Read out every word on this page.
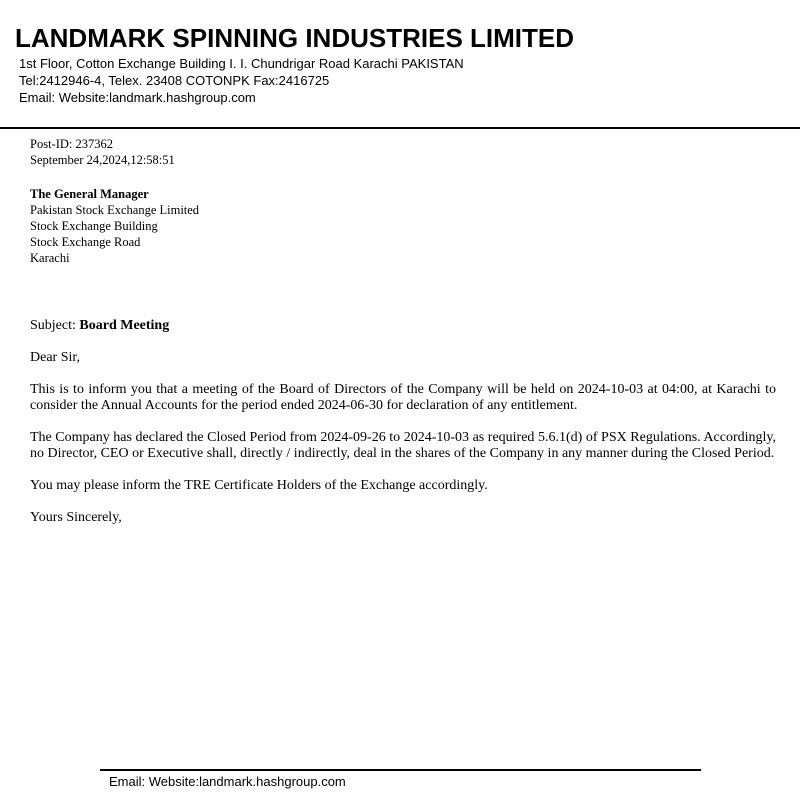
LANDMARK SPINNING INDUSTRIES LIMITED

1st Floor, Cotton Exchange Building I. I. Chundrigar Road Karachi PAKISTAN

Tel:2412946-4, Telex. 23408 COTONPK Fax:2416725

Email: Website:landmark.hashgroup.com

Post-ID: 237362
September 24,2024,12:58:51
The General Manager
Pakistan Stock Exchange Limited
Stock Exchange Building
Stock Exchange Road
Karachi
Subject: Board Meeting

Dear Sir,

This is to inform you that a meeting of the Board of Directors of the Company will be held on 2024-10-03 at 04:00, at Karachi to consider the Annual Accounts for the period ended 2024-06-30 for declaration of any entitlement.

The Company has declared the Closed Period from 2024-09-26 to 2024-10-03 as required 5.6.1(d) of PSX Regulations. Accordingly, no Director, CEO or Executive shall, directly / indirectly, deal in the shares of the Company in any manner during the Closed Period.

You may please inform the TRE Certificate Holders of the Exchange accordingly.

Yours Sincerely,

Email: Website:landmark.hashgroup.com
